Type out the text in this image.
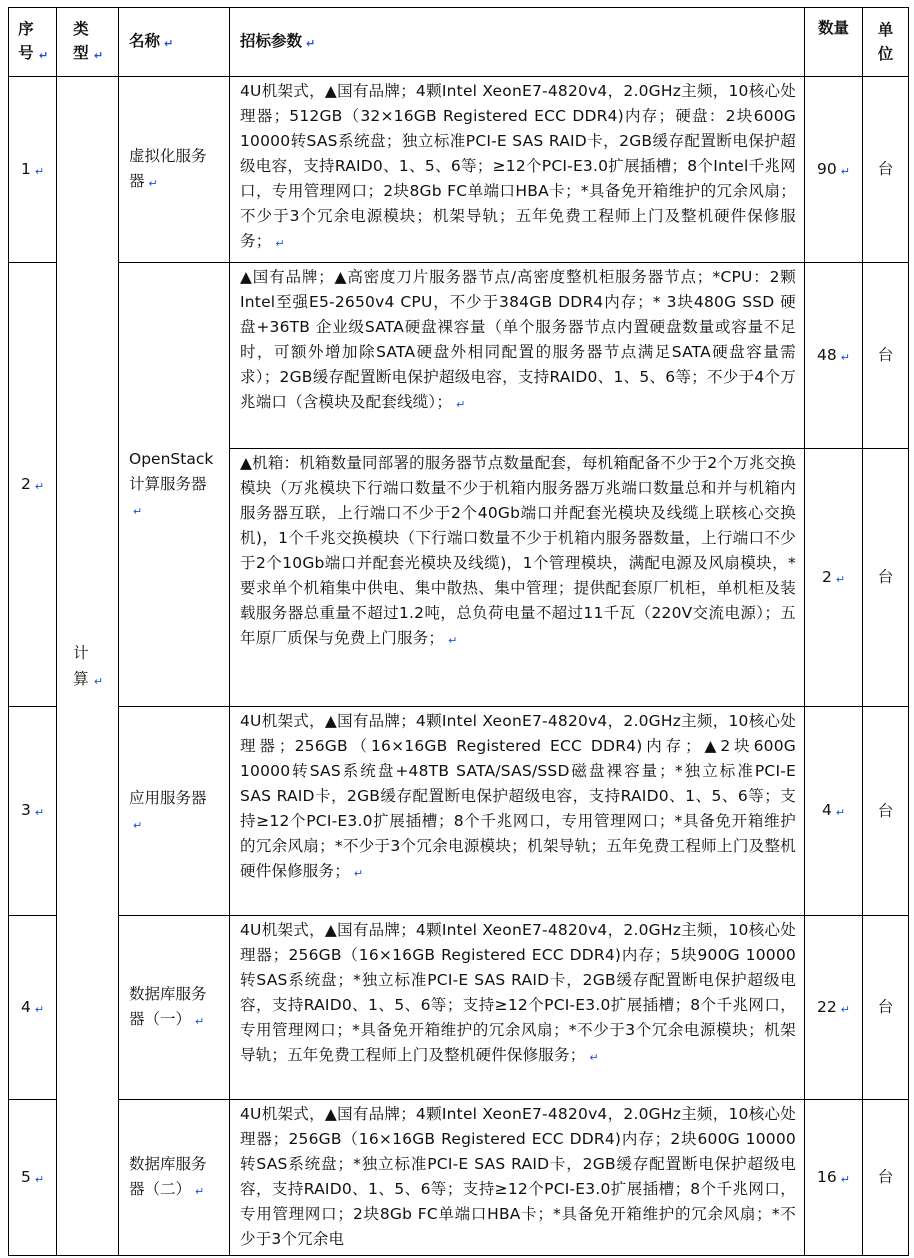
序号 ↵	类型 ↵	名称 ↵	招标参数 ↵	数量	单位
1 ↵	计算 ↵	虚拟化服务器 ↵	4U机架式，▲国有品牌；4颗Intel XeonE7-4820v4，2.0GHz主频，10核心处理器；512GB（32×16GB Registered ECC DDR4)内存；硬盘：2块600G 10000转SAS系统盘；独立标准PCI-E SAS RAID卡，2GB缓存配置断电保护超级电容，支持RAID0、1、5、6等；≥12个PCI-E3.0扩展插槽；8个Intel千兆网口，专用管理网口；2块8Gb FC单端口HBA卡；*具备免开箱维护的冗余风扇；不少于3个冗余电源模块；机架导轨；五年免费工程师上门及整机硬件保修服务； ↵	90 ↵	台
2 ↵		OpenStack计算服务器↵	▲国有品牌；▲高密度刀片服务器节点/高密度整机柜服务器节点；*CPU：2颗Intel至强E5-2650v4 CPU，不少于384GB DDR4内存；* 3块480G SSD 硬盘+36TB 企业级SATA硬盘裸容量（单个服务器节点内置硬盘数量或容量不足时，可额外增加除SATA硬盘外相同配置的服务器节点满足SATA硬盘容量需求）；2GB缓存配置断电保护超级电容，支持RAID0、1、5、6等；不少于4个万兆端口（含模块及配套线缆）； ↵	48 ↵	台
			▲机箱：机箱数量同部署的服务器节点数量配套，每机箱配备不少于2个万兆交换模块（万兆模块下行端口数量不少于机箱内服务器万兆端口数量总和并与机箱内服务器互联，上行端口不少于2个40Gb端口并配套光模块及线缆上联核心交换机)，1个千兆交换模块（下行端口数量不少于机箱内服务器数量，上行端口不少于2个10Gb端口并配套光模块及线缆)，1个管理模块，满配电源及风扇模块，*要求单个机箱集中供电、集中散热、集中管理；提供配套原厂机柜，单机柜及装载服务器总重量不超过1.2吨，总负荷电量不超过11千瓦（220V交流电源）；五年原厂质保与免费上门服务； ↵	2 ↵	台
3 ↵		应用服务器↵	4U机架式，▲国有品牌；4颗Intel XeonE7-4820v4，2.0GHz主频，10核心处理器；256GB（16×16GB Registered ECC DDR4)内存；▲2块600G 10000转SAS系统盘+48TB SATA/SAS/SSD磁盘裸容量；*独立标准PCI-E SAS RAID卡，2GB缓存配置断电保护超级电容，支持RAID0、1、5、6等；支持≥12个PCI-E3.0扩展插槽；8个千兆网口，专用管理网口；*具备免开箱维护的冗余风扇；*不少于3个冗余电源模块；机架导轨；五年免费工程师上门及整机硬件保修服务； ↵	4 ↵	台
4 ↵		数据库服务器（一） ↵	4U机架式，▲国有品牌；4颗Intel XeonE7-4820v4，2.0GHz主频，10核心处理器；256GB（16×16GB Registered ECC DDR4)内存；5块900G 10000转SAS系统盘；*独立标准PCI-E SAS RAID卡，2GB缓存配置断电保护超级电容，支持RAID0、1、5、6等；支持≥12个PCI-E3.0扩展插槽；8个千兆网口，专用管理网口；*具备免开箱维护的冗余风扇；*不少于3个冗余电源模块；机架导轨；五年免费工程师上门及整机硬件保修服务； ↵	22 ↵	台
5 ↵		数据库服务器（二） ↵	4U机架式，▲国有品牌；4颗Intel XeonE7-4820v4，2.0GHz主频，10核心处理器；256GB（16×16GB Registered ECC DDR4)内存；2块600G 10000转SAS系统盘；*独立标准PCI-E SAS RAID卡，2GB缓存配置断电保护超级电容，支持RAID0、1、5、6等；支持≥12个PCI-E3.0扩展插槽；8个千兆网口，专用管理网口；2块8Gb FC单端口HBA卡；*具备免开箱维护的冗余风扇；*不少于3个冗余电	16 ↵	台
